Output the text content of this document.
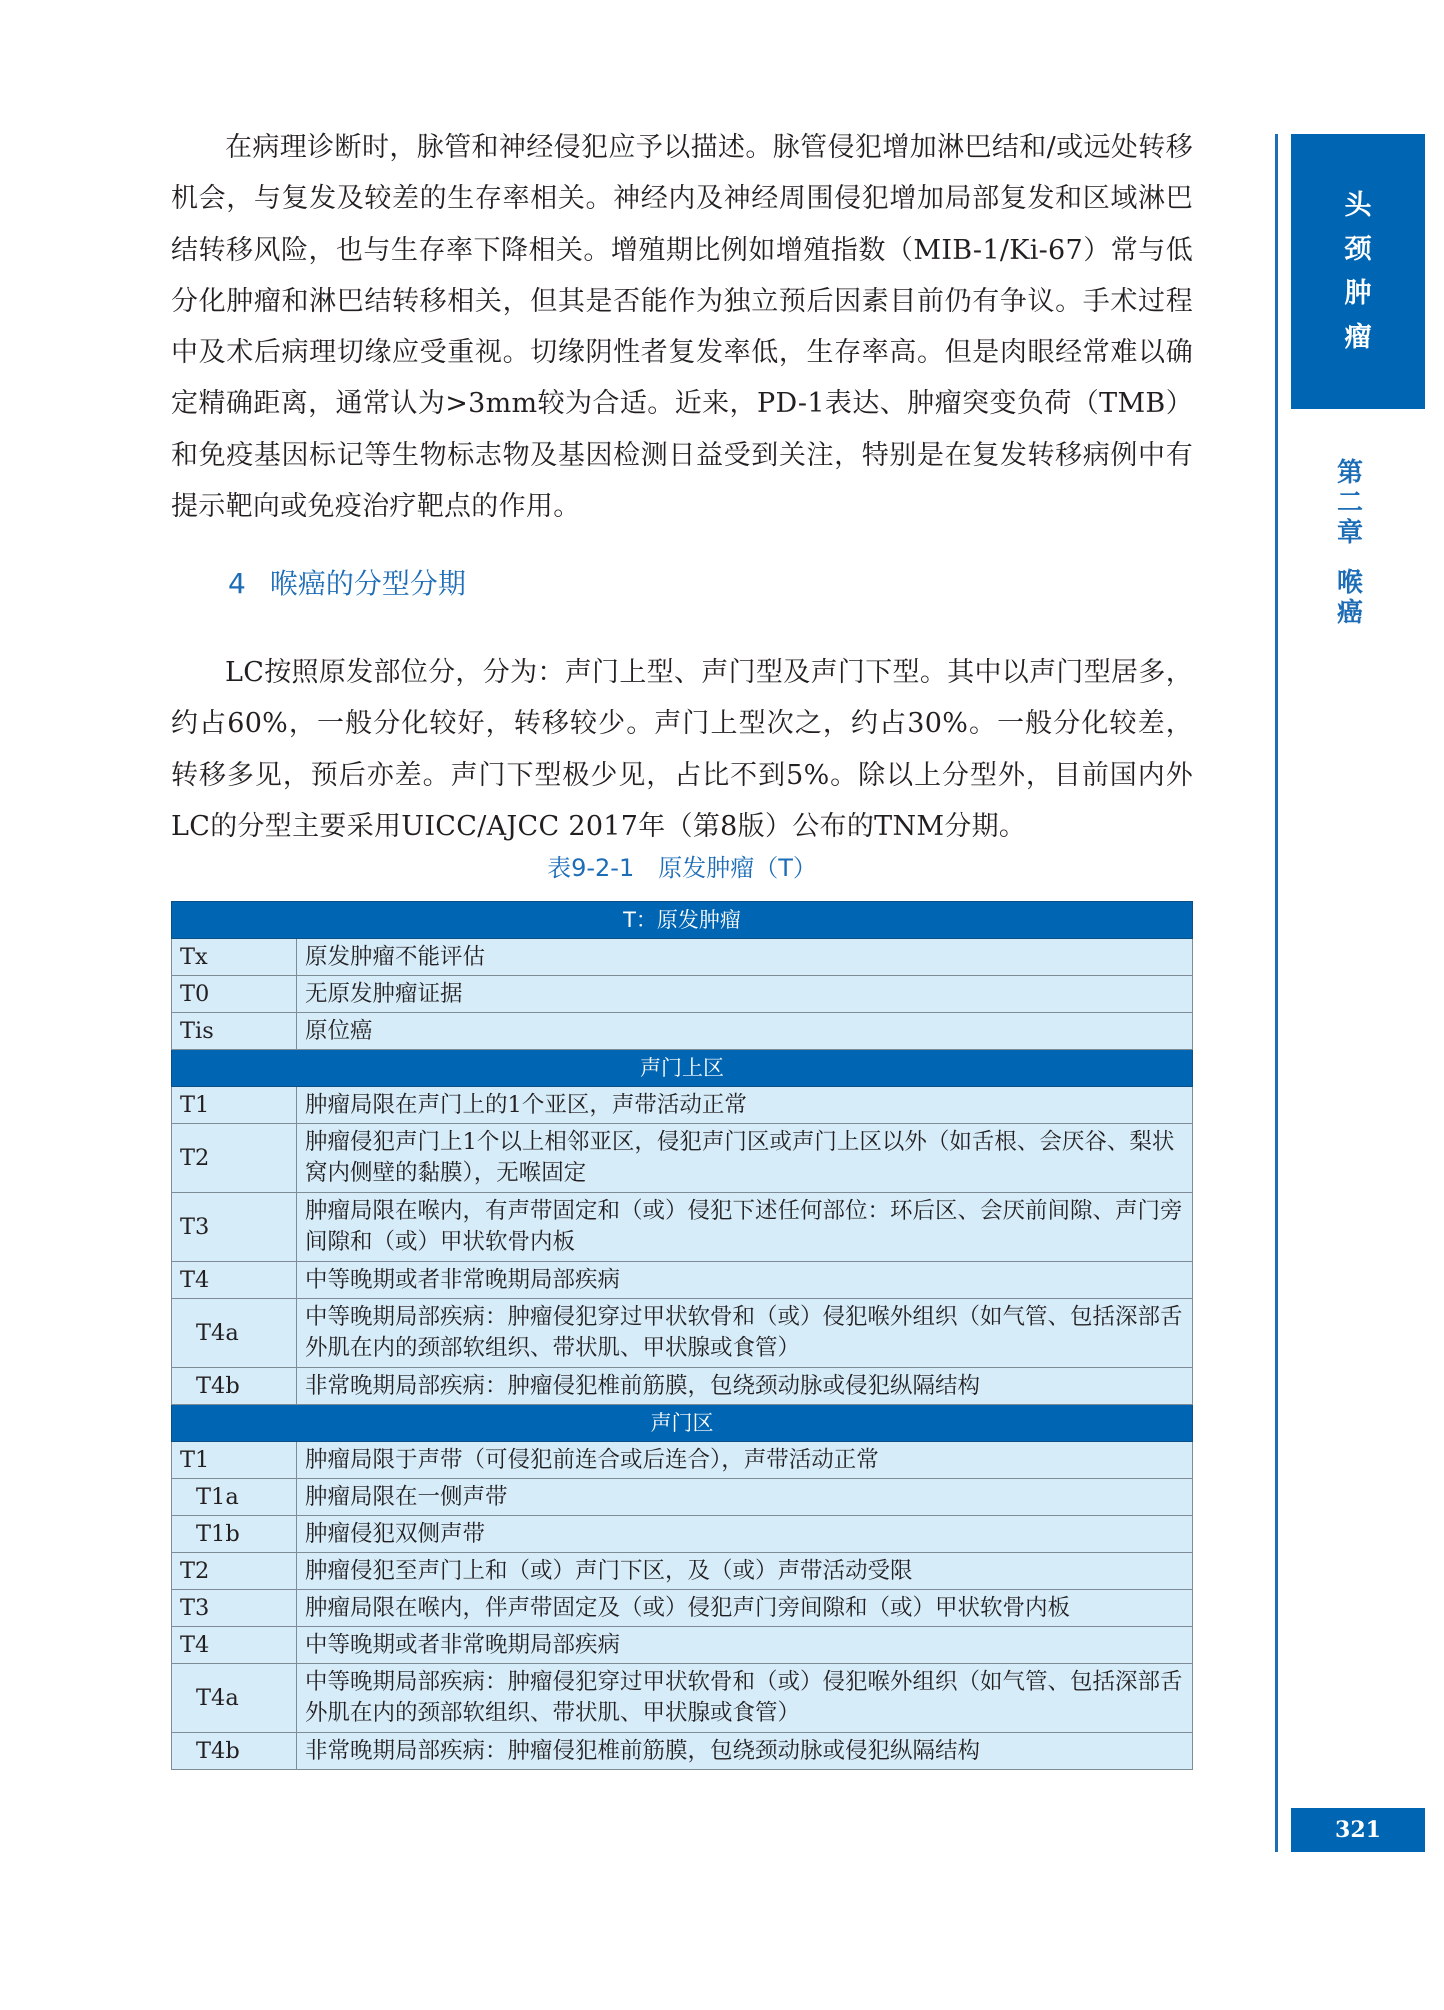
在病理诊断时，脉管和神经侵犯应予以描述。脉管侵犯增加淋巴结和/或远处转移机会，与复发及较差的生存率相关。神经内及神经周围侵犯增加局部复发和区域淋巴结转移风险，也与生存率下降相关。增殖期比例如增殖指数（MIB-1/Ki-67）常与低分化肿瘤和淋巴结转移相关，但其是否能作为独立预后因素目前仍有争议。手术过程中及术后病理切缘应受重视。切缘阴性者复发率低，生存率高。但是肉眼经常难以确定精确距离，通常认为>3mm较为合适。近来，PD-1表达、肿瘤突变负荷（TMB）和免疫基因标记等生物标志物及基因检测日益受到关注，特别是在复发转移病例中有提示靶向或免疫治疗靶点的作用。

4 喉癌的分型分期

LC按照原发部位分，分为：声门上型、声门型及声门下型。其中以声门型居多，约占60%，一般分化较好，转移较少。声门上型次之，约占30%。一般分化较差，转移多见，预后亦差。声门下型极少见，占比不到5%。除以上分型外，目前国内外LC的分型主要采用UICC/AJCC 2017年（第8版）公布的TNM分期。

表9-2-1　原发肿瘤（T）
T：原发肿瘤	
Tx	原发肿瘤不能评估
T0	无原发肿瘤证据
Tis	原位癌
声门上区	
T1	肿瘤局限在声门上的1个亚区，声带活动正常
T2	肿瘤侵犯声门上1个以上相邻亚区，侵犯声门区或声门上区以外（如舌根、会厌谷、梨状窝内侧壁的黏膜），无喉固定
T3	肿瘤局限在喉内，有声带固定和（或）侵犯下述任何部位：环后区、会厌前间隙、声门旁间隙和（或）甲状软骨内板
T4	中等晚期或者非常晚期局部疾病
T4a	中等晚期局部疾病：肿瘤侵犯穿过甲状软骨和（或）侵犯喉外组织（如气管、包括深部舌外肌在内的颈部软组织、带状肌、甲状腺或食管）
T4b	非常晚期局部疾病：肿瘤侵犯椎前筋膜，包绕颈动脉或侵犯纵隔结构
声门区	
T1	肿瘤局限于声带（可侵犯前连合或后连合），声带活动正常
T1a	肿瘤局限在一侧声带
T1b	肿瘤侵犯双侧声带
T2	肿瘤侵犯至声门上和（或）声门下区，及（或）声带活动受限
T3	肿瘤局限在喉内，伴声带固定及（或）侵犯声门旁间隙和（或）甲状软骨内板
T4	中等晚期或者非常晚期局部疾病
T4a	中等晚期局部疾病：肿瘤侵犯穿过甲状软骨和（或）侵犯喉外组织（如气管、包括深部舌外肌在内的颈部软组织、带状肌、甲状腺或食管）
T4b	非常晚期局部疾病：肿瘤侵犯椎前筋膜，包绕颈动脉或侵犯纵隔结构
头
颈
肿
瘤
第
二
章
喉
癌
321
